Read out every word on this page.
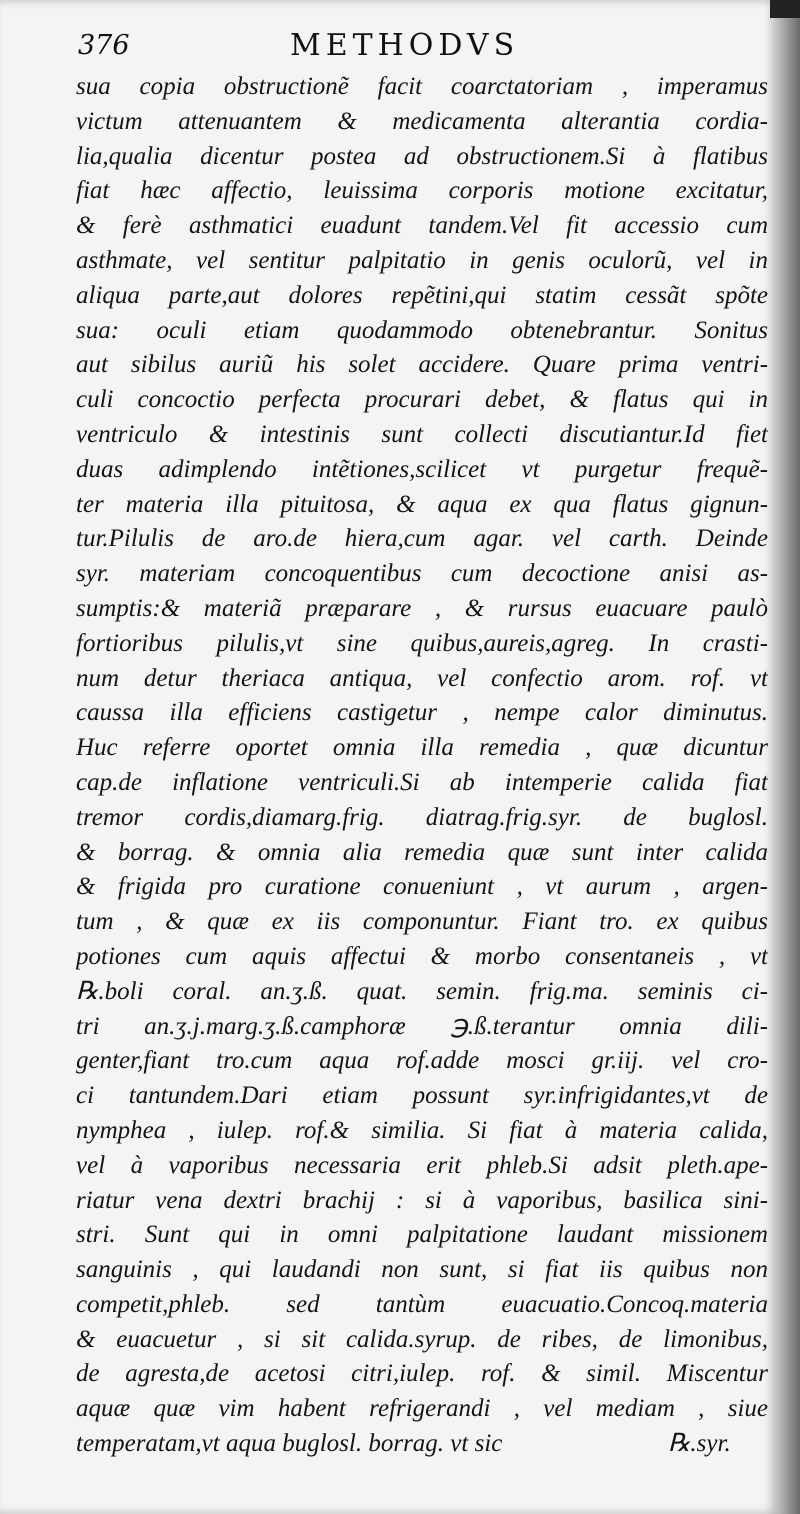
376	METHODVS
sua copia obstructionẽ facit coarctatoriam , imperamus
victum attenuantem & medicamenta alterantia cordia-
lia,qualia dicentur postea ad obstructionem.Si à flatibus
fiat hæc affectio, leuissima corporis motione excitatur,
& ferè asthmatici euadunt tandem.Vel fit accessio cum
asthmate, vel sentitur palpitatio in genis oculorũ, vel in
aliqua parte,aut dolores repẽtini,qui statim cessãt spõte
sua: oculi etiam quodammodo obtenebrantur. Sonitus
aut sibilus auriũ his solet accidere. Quare prima ventri-
culi concoctio perfecta procurari debet, & flatus qui in
ventriculo & intestinis sunt collecti discutiantur.Id fiet
duas adimplendo intẽtiones,scilicet vt purgetur frequẽ-
ter materia illa pituitosa, & aqua ex qua flatus gignun-
tur.Pilulis de aro.de hiera,cum agar. vel carth. Deinde
syr. materiam concoquentibus cum decoctione anisi as-
sumptis:& materiã præparare , & rursus euacuare paulò
fortioribus pilulis,vt sine quibus,aureis,agreg. In crasti-
num detur theriaca antiqua, vel confectio arom. rof. vt
caussa illa efficiens castigetur , nempe calor diminutus.
Huc referre oportet omnia illa remedia , quæ dicuntur
cap.de inflatione ventriculi.Si ab intemperie calida fiat
tremor cordis,diamarg.frig. diatrag.frig.syr. de buglosl.
& borrag. & omnia alia remedia quæ sunt inter calida
& frigida pro curatione conueniunt , vt aurum , argen-
tum , & quæ ex iis componuntur. Fiant tro. ex quibus
potiones cum aquis affectui & morbo consentaneis , vt
℞.boli coral. an.ʒ.ß. quat. semin. frig.ma. seminis ci-
tri an.ʒ.j.marg.ʒ.ß.camphoræ ℈.ß.terantur omnia dili-
genter,fiant tro.cum aqua rof.adde mosci gr.iij. vel cro-
ci tantundem.Dari etiam possunt syr.infrigidantes,vt de
nymphea , iulep. rof.& similia. Si fiat à materia calida,
vel à vaporibus necessaria erit phleb.Si adsit pleth.ape-
riatur vena dextri brachij : si à vaporibus, basilica sini-
stri. Sunt qui in omni palpitatione laudant missionem
sanguinis , qui laudandi non sunt, si fiat iis quibus non
competit,phleb. sed tantùm euacuatio.Concoq.materia
& euacuetur , si sit calida.syrup. de ribes, de limonibus,
de agresta,de acetosi citri,iulep. rof. & simil. Miscentur
aquæ quæ vim habent refrigerandi , vel mediam , siue
temperatam,vt aqua buglosl. borrag. vt sic	℞.syr.
